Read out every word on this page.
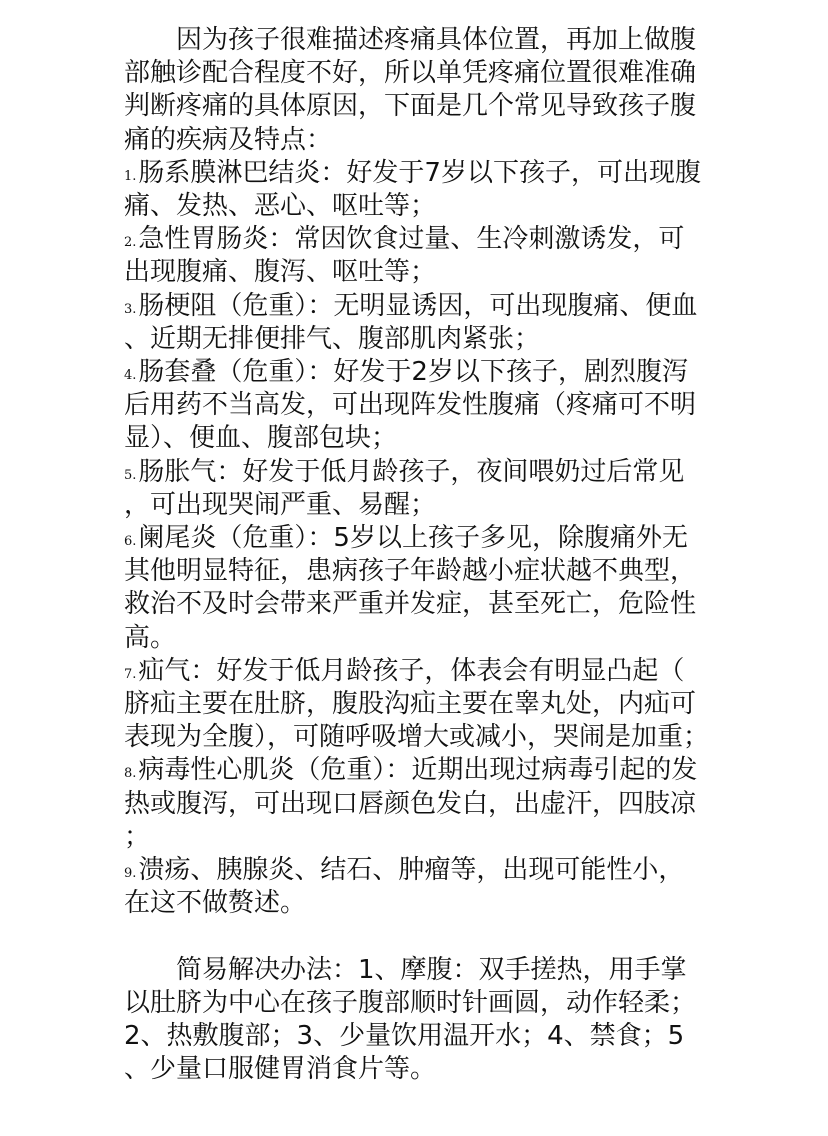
因为孩子很难描述疼痛具体位置，再加上做腹部触诊配合程度不好，所以单凭疼痛位置很难准确判断疼痛的具体原因，下面是几个常见导致孩子腹痛的疾病及特点：

1.肠系膜淋巴结炎：好发于7岁以下孩子，可出现腹痛、发热、恶心、呕吐等；
2.急性胃肠炎：常因饮食过量、生冷刺激诱发，可出现腹痛、腹泻、呕吐等；
3.肠梗阻（危重）：无明显诱因，可出现腹痛、便血、近期无排便排气、腹部肌肉紧张；
4.肠套叠（危重）：好发于2岁以下孩子，剧烈腹泻后用药不当高发，可出现阵发性腹痛（疼痛可不明显）、便血、腹部包块；
5.肠胀气：好发于低月龄孩子，夜间喂奶过后常见，可出现哭闹严重、易醒；
6.阑尾炎（危重）：5岁以上孩子多见，除腹痛外无其他明显特征，患病孩子年龄越小症状越不典型，救治不及时会带来严重并发症，甚至死亡，危险性高。
7.疝气：好发于低月龄孩子，体表会有明显凸起（脐疝主要在肚脐，腹股沟疝主要在睾丸处，内疝可表现为全腹），可随呼吸增大或减小，哭闹是加重；
8.病毒性心肌炎（危重）：近期出现过病毒引起的发热或腹泻，可出现口唇颜色发白，出虚汗，四肢凉；
9.溃疡、胰腺炎、结石、肿瘤等，出现可能性小，在这不做赘述。

简易解决办法：1、摩腹：双手搓热，用手掌以肚脐为中心在孩子腹部顺时针画圆，动作轻柔；2、热敷腹部；3、少量饮用温开水；4、禁食；5、少量口服健胃消食片等。
